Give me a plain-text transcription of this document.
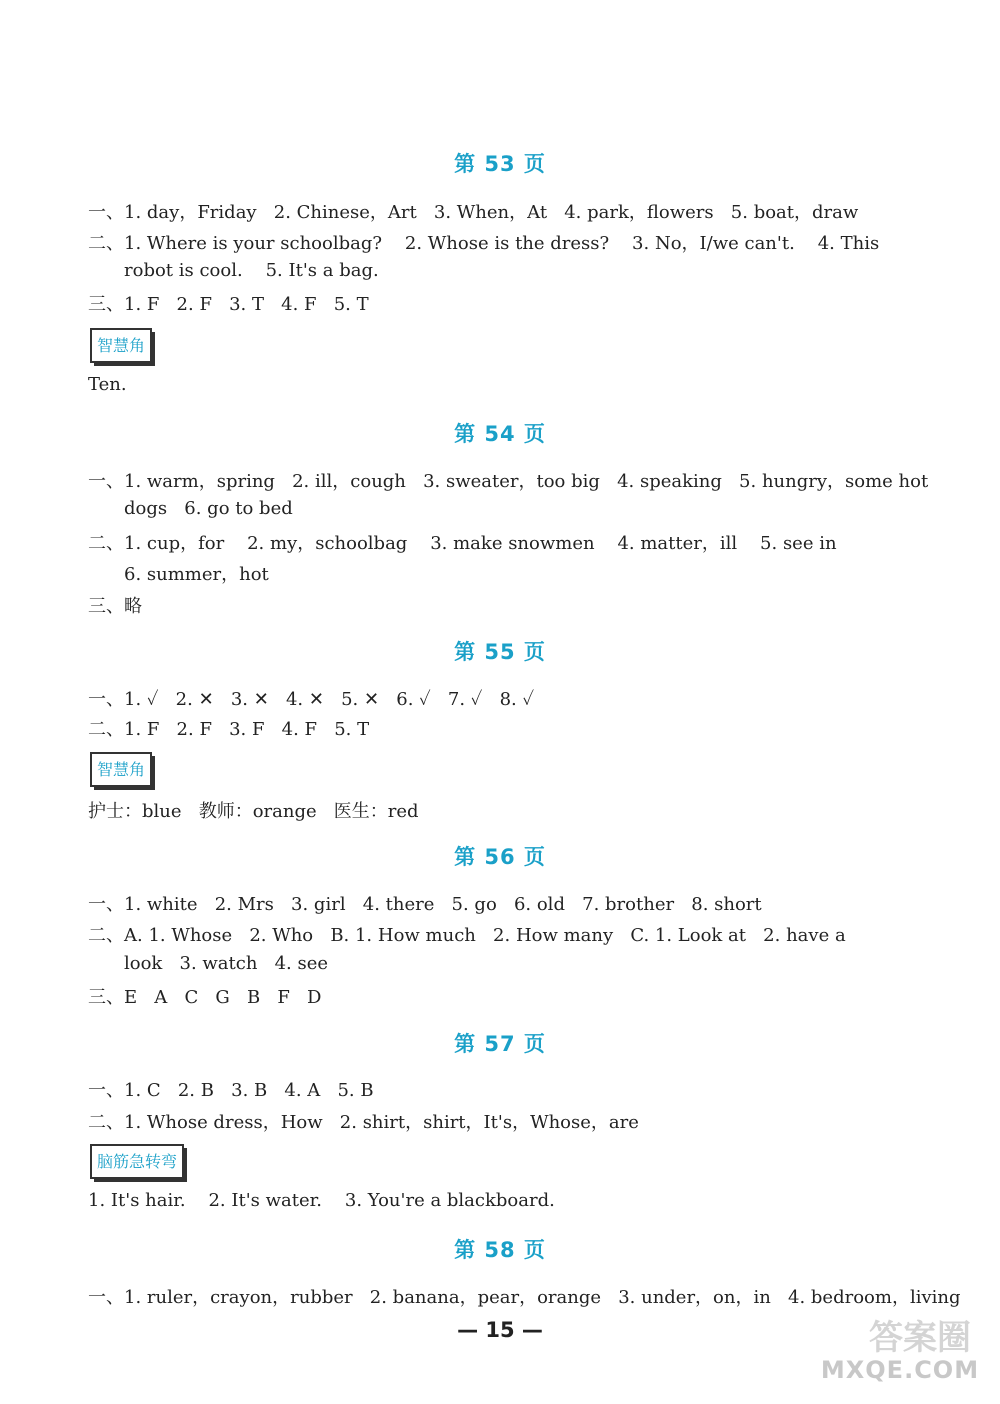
第 53 页
一、1. day，Friday   2. Chinese，Art   3. When，At   4. park，flowers   5. boat，draw
二、1. Where is your schoolbag?    2. Whose is the dress?    3. No，I/we can't.    4. This
robot is cool.    5. It's a bag.
三、1. F   2. F   3. T   4. F   5. T
智慧角
Ten.
第 54 页
一、1. warm，spring   2. ill，cough   3. sweater，too big   4. speaking   5. hungry，some hot
dogs   6. go to bed
二、1. cup，for    2. my，schoolbag    3. make snowmen    4. matter，ill    5. see in
6. summer，hot
三、略
第 55 页
一、1. ✓   2. ✕   3. ✕   4. ✕   5. ✕   6. ✓   7. ✓   8. ✓
二、1. F   2. F   3. F   4. F   5. T
智慧角
护士：blue   教师：orange   医生：red
第 56 页
一、1. white   2. Mrs   3. girl   4. there   5. go   6. old   7. brother   8. short
二、A. 1. Whose   2. Who   B. 1. How much   2. How many   C. 1. Look at   2. have a
look   3. watch   4. see
三、E   A   C   G   B   F   D
第 57 页
一、1. C   2. B   3. B   4. A   5. B
二、1. Whose dress，How   2. shirt，shirt，It's，Whose，are
脑筋急转弯
1. It's hair.    2. It's water.    3. You're a blackboard.
第 58 页
一、1. ruler，crayon，rubber   2. banana，pear，orange   3. under，on，in   4. bedroom，living
— 15 —	答案圈
MXQE.COM
